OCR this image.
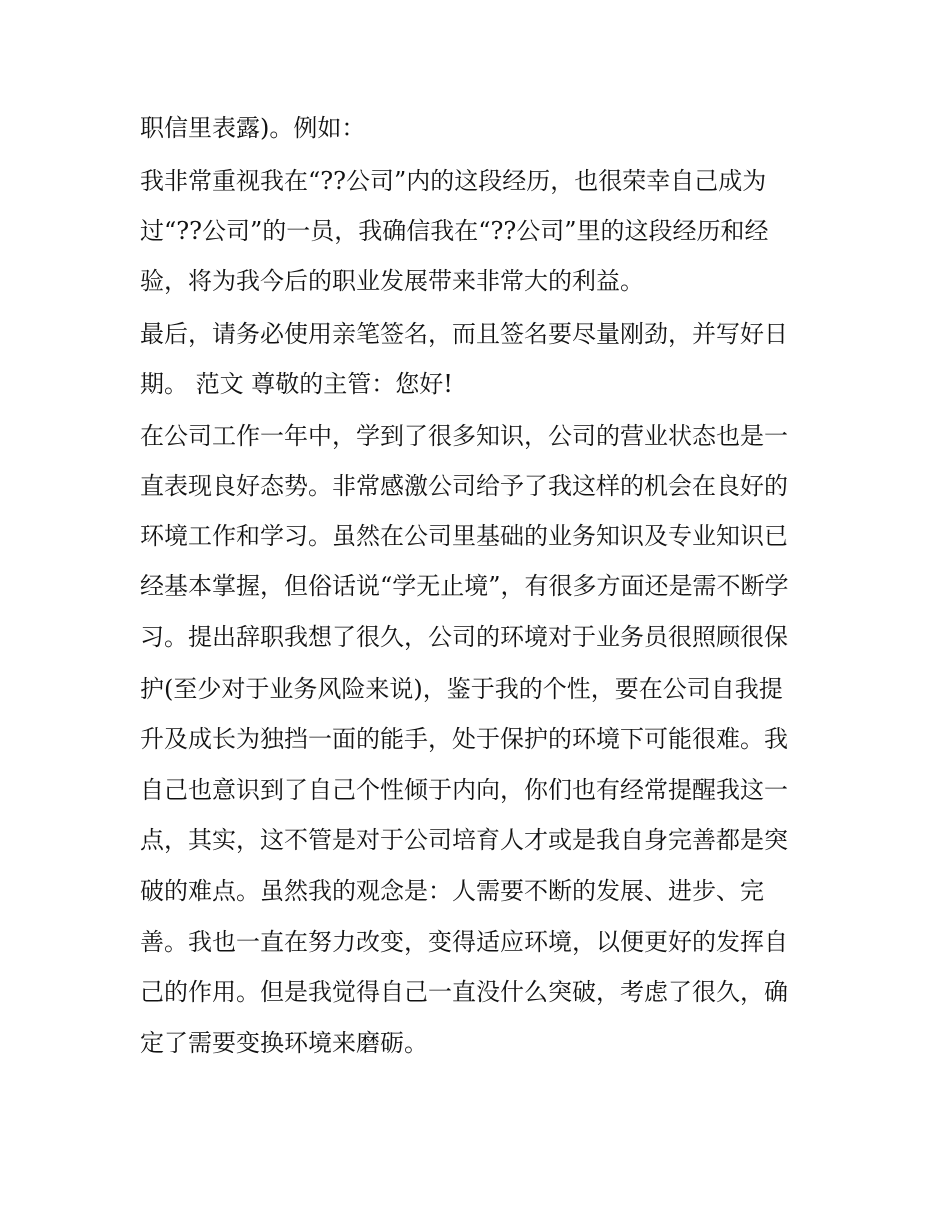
职信里表露)。例如：

我非常重视我在“??公司”内的这段经历，也很荣幸自己成为

过“??公司”的一员，我确信我在“??公司”里的这段经历和经

验，将为我今后的职业发展带来非常大的利益。

最后，请务必使用亲笔签名，而且签名要尽量刚劲，并写好日

期。 范文 尊敬的主管：您好!

在公司工作一年中，学到了很多知识，公司的营业状态也是一

直表现良好态势。非常感激公司给予了我这样的机会在良好的

环境工作和学习。虽然在公司里基础的业务知识及专业知识已

经基本掌握，但俗话说“学无止境”，有很多方面还是需不断学

习。提出辞职我想了很久，公司的环境对于业务员很照顾很保

护(至少对于业务风险来说)，鉴于我的个性，要在公司自我提

升及成长为独挡一面的能手，处于保护的环境下可能很难。我

自己也意识到了自己个性倾于内向，你们也有经常提醒我这一

点，其实，这不管是对于公司培育人才或是我自身完善都是突

破的难点。虽然我的观念是：人需要不断的发展、进步、完

善。我也一直在努力改变，变得适应环境，以便更好的发挥自

己的作用。但是我觉得自己一直没什么突破，考虑了很久，确

定了需要变换环境来磨砺。
